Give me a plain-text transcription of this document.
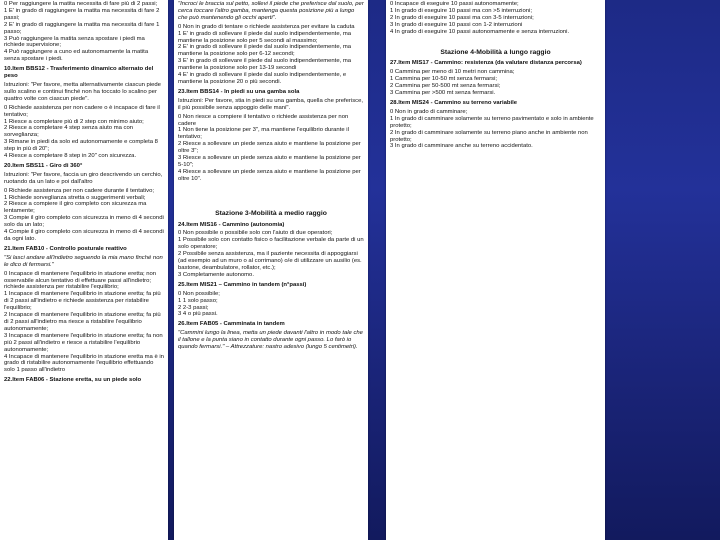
0 Per raggiungere la matita necessita di fare più di 2 passi;
1 E' in grado di raggiungere la matita ma necessita di fare 2 passi;
2 E' in grado di raggiungere la matita ma necessita di fare 1 passo;
3 Può raggiungere la matita senza spostare i piedi ma richiede supervisione;
4 Può raggiungere a cuno ed autonomamente la matita senza spostare i piedi.

10.Item BBS12 - Trasferimento dinamico alternato del peso

Istruzioni: "Per favore, metta alternativamente ciascun piede sullo scalino e continui finché non ha toccato lo scalino per quattro volte con ciascun piede".

0 Richiede assistenza per non cadere o è incapace di fare il tentativo;
1 Riesce a completare più di 2 step con minimo aiuto;
2 Riesce a completare 4 step senza aiuto ma con sorveglianza;
3 Rimane in piedi da solo ed autonomamente e completa 8 step in più di 20";
4 Riesce a completare 8 step in 20" con sicurezza.

20.Item SBS11 - Giro di 360°

Istruzioni: "Per favore, faccia un giro descrivendo un cerchio, ruotando da un lato e poi dall'altro

0 Richiede assistenza per non cadere durante il tentativo;
1 Richiede sorveglianza stretta o suggerimenti verbali;
2 Riesce a compiere il giro completo con sicurezza ma lentamente;
3 Compie il giro completo con sicurezza in meno di 4 secondi solo da un lato;
4 Compie il giro completo con sicurezza in meno di 4 secondi da ogni lato.

21.Item FAB10 - Controllo posturale reattivo

"Si lasci andare all'indietro seguendo la mia mano finché non le dico di fermarsi."

0 Incapace di mantenere l'equilibrio in stazione eretta; non osservabile alcun tentativo di effettuare passi all'indietro; richiede assistenza per ristabilire l'equilibrio;
1 Incapace di mantenere l'equilibrio in stazione eretta; fa più di 2 passi all'indietro e richiede assistenza per ristabilire l'equilibrio;
2 Incapace di mantenere l'equilibrio in stazione eretta; fa più di 2 passi all'indietro ma riesce a ristabilire l'equilibrio autonomamente;
3 Incapace di mantenere l'equilibrio in stazione eretta; fa non più 2 passi all'indietro e riesce a ristabilire l'equilibrio autonomamente;
4 Incapace di mantenere l'equilibrio in stazione eretta ma è in grado di ristabilire autonomamente l'equilibrio effettuando solo 1 passo all'indietro

22.Item FAB06 - Stazione eretta, su un piede solo

"Incroci le braccia sul petto, sollevi il piede che preferisce dal suolo, per cerca toccare l'altro gamba, mantenga questa posizione più a lungo che può mantenendo gli occhi aperti".

0 Non in grado di tentare o richiede assistenza per evitare la caduta
1 E' in grado di sollevare il piede dal suolo indipendentemente, ma mantiene la posizione solo per 5 secondi al massimo;
2 E' in grado di sollevare il piede dal suolo indipendentemente, ma mantiene la posizione solo per 6-12 secondi;
3 E' in grado di sollevare il piede dal suolo indipendentemente, ma mantiene la posizione solo per 13-19 secondi
4 E' in grado di sollevare il piede dal suolo indipendentemente, e mantiene la posizione 20 o più secondi.

23.Item BBS14 - In piedi su una gamba sola

Istruzioni: Per favore, stia in piedi su una gamba, quella che preferisce, il più possibile senza appoggio delle mani".

0 Non riesce a compiere il tentativo o richiede assistenza per non cadere
1 Non tiene la posizione per 3", ma mantiene l'equilibrio durante il tentativo;
2 Riesce a sollevare un piede senza aiuto e mantiene la posizione per oltre 3";
3 Riesce a sollevare un piede senza aiuto e mantiene la posizione per 5-10";
4 Riesce a sollevare un piede senza aiuto e mantiene la posizione per oltre 10".

Stazione 3-Mobilità a medio raggio

24.Item MIS16 - Cammino (autonomia)

0 Non possibile o possibile solo con l'aiuto di due operatori;
1 Possibile solo con contatto fisico o facilitazione verbale da parte di un solo operatore;
2 Possibile senza assistenza, ma il paziente necessita di appoggiarsi (ad esempio ad un muro o al corrimano) o/e di utilizzare un ausilio (es. bastone, deambulatore, rollator, etc.);
3 Completamente autonomo.

25.Item MIS21 – Cammino in tandem (n°passi)

0 Non possibile;
1 1 solo passo;
2 2-3 passi;
3 4 o più passi.

26.Item FAB05 - Camminata in tandem

"Cammini lungo la linea, metta un piede davanti l'altro in modo tale che il tallone e la punta siano in contatto durante ogni passo. Lo farò io quando fermarsi." – Attrezzature: nastro adesivo (lungo 5 centimetri).

0 Incapace di eseguire 10 passi autonomamente;
1 In grado di eseguire 10 passi ma con >5 interruzioni;
2 In grado di eseguire 10 passi ma con 3-5 interruzioni;
3 In grado di eseguire 10 passi con 1-2 interruzioni
4 In grado di eseguire 10 passi autonomamente e senza interruzioni.

Stazione 4-Mobilità a lungo raggio

27.Item MIS17 - Cammino: resistenza (da valutare distanza percorsa)

0 Cammina per meno di 10 metri non cammina;
1 Cammina per 10-50 mt senza fermarsi;
2 Cammina per 50-500 mt senza fermarsi;
3 Cammina per >500 mt senza fermarsi.

28.Item MIS24 - Cammino su terreno variabile

0 Non in grado di camminare;
1 In grado di camminare solamente su terreno pavimentato e solo in ambiente protetto;
2 In grado di camminare solamente su terreno piano anche in ambiente non protetto;
3 In grado di camminare anche su terreno accidentato.
